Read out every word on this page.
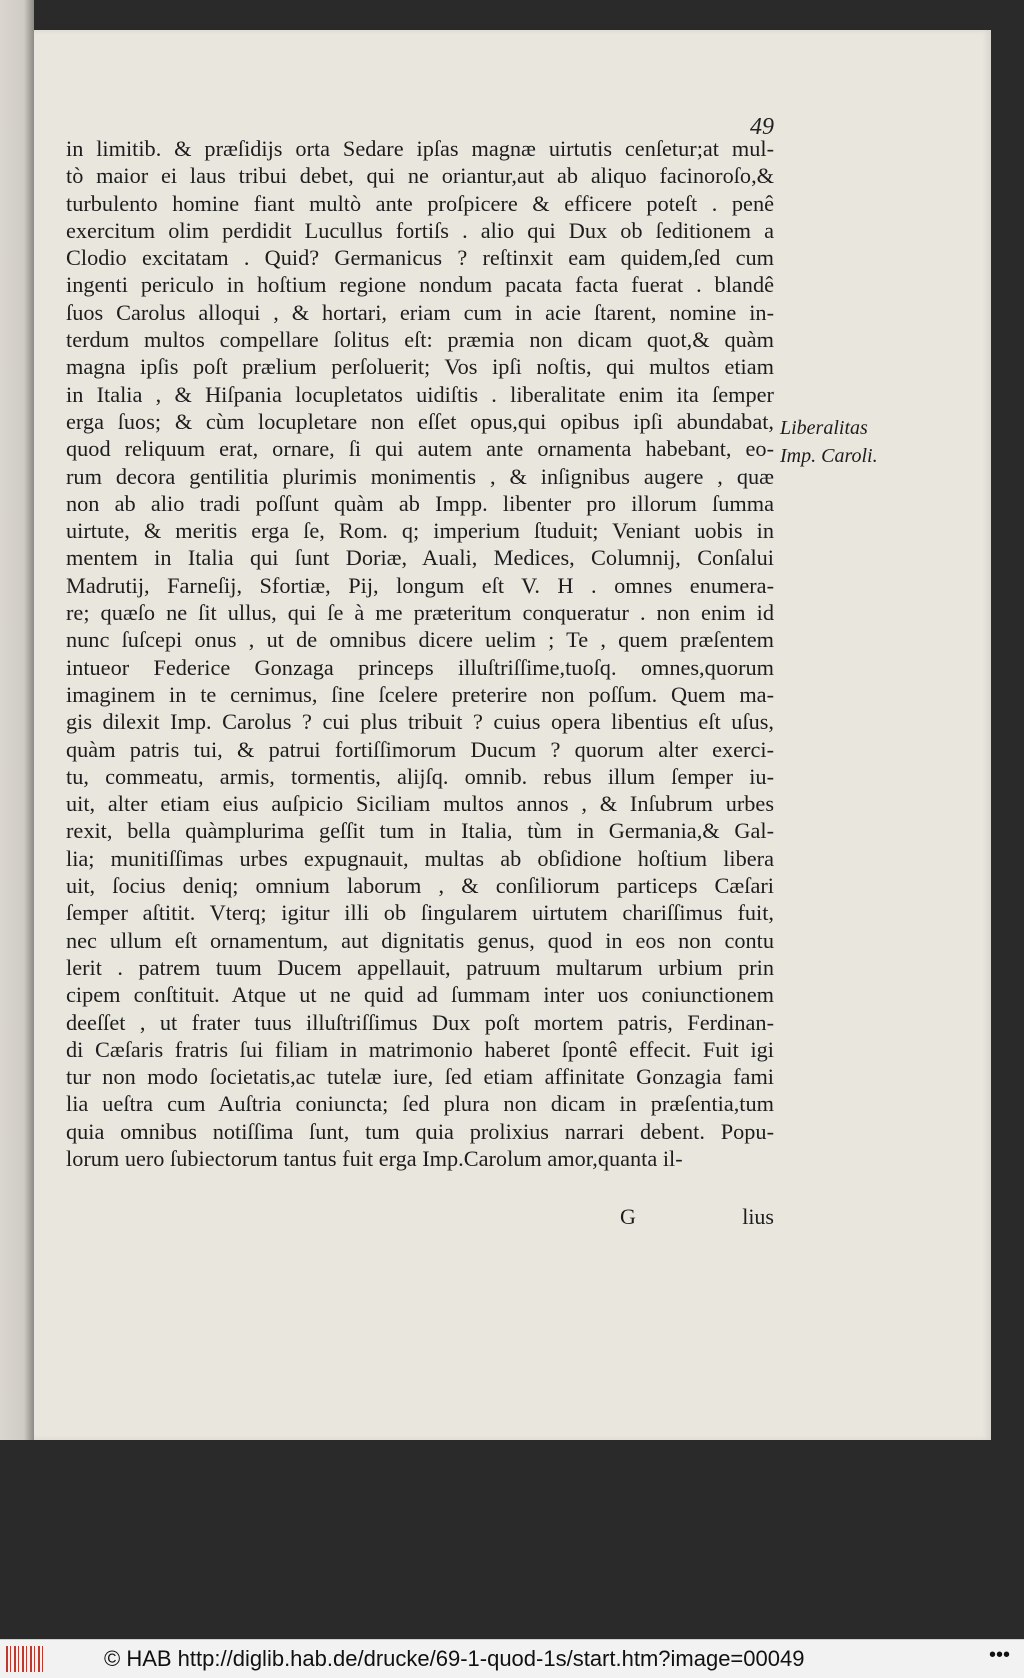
49
in limitib. & præſidijs orta Sedare ipſas magnæ uirtutis cenſetur;at mul-
tò maior ei laus tribui debet, qui ne oriantur,aut ab aliquo facinoroſo,&
turbulento homine fiant multò ante proſpicere & efficere poteſt . penê
exercitum olim perdidit Lucullus fortiſs . alio qui Dux ob ſeditionem a
Clodio excitatam . Quid? Germanicus ? reſtinxit eam quidem,ſed cum
ingenti periculo in hoſtium regione nondum pacata facta fuerat . blandê
ſuos Carolus alloqui , & hortari, eriam cum in acie ſtarent, nomine in-
terdum multos compellare ſolitus eſt: præmia non dicam quot,& quàm
magna ipſis poſt prælium perſoluerit; Vos ipſi noſtis, qui multos etiam
in Italia , & Hiſpania locupletatos uidiſtis . liberalitate enim ita ſemper
erga ſuos; & cùm locupletare non eſſet opus,qui opibus ipſi abundabat,
quod reliquum erat, ornare, ſi qui autem ante ornamenta habebant, eo-
rum decora gentilitia plurimis monimentis , & inſignibus augere , quæ
non ab alio tradi poſſunt quàm ab Impp. libenter pro illorum ſumma
uirtute, & meritis erga ſe, Rom. q; imperium ſtuduit; Veniant uobis in
mentem in Italia qui ſunt Doriæ, Auali, Medices, Columnij, Conſalui
Madrutij, Farneſij, Sfortiæ, Pij, longum eſt V. H . omnes enumera-
re; quæſo ne ſit ullus, qui ſe à me præteritum conqueratur . non enim id
nunc ſuſcepi onus , ut de omnibus dicere uelim ; Te , quem præſentem
intueor Federice Gonzaga princeps illuſtriſſime,tuoſq. omnes,quorum
imaginem in te cernimus, ſine ſcelere preterire non poſſum. Quem ma-
gis dilexit Imp. Carolus ? cui plus tribuit ? cuius opera libentius eſt uſus,
quàm patris tui, & patrui fortiſſimorum Ducum ? quorum alter exerci-
tu, commeatu, armis, tormentis, alijſq. omnib. rebus illum ſemper iu-
uit, alter etiam eius auſpicio Siciliam multos annos , & Inſubrum urbes
rexit, bella quàmplurima geſſit tum in Italia, tùm in Germania,& Gal-
lia; munitiſſimas urbes expugnauit, multas ab obſidione hoſtium libera
uit, ſocius deniq; omnium laborum , & conſiliorum particeps Cæſari
ſemper aſtitit. Vterq; igitur illi ob ſingularem uirtutem chariſſimus fuit,
nec ullum eſt ornamentum, aut dignitatis genus, quod in eos non contu
lerit . patrem tuum Ducem appellauit, patruum multarum urbium prin
cipem conſtituit. Atque ut ne quid ad ſummam inter uos coniunctionem
deeſſet , ut frater tuus illuſtriſſimus Dux poſt mortem patris, Ferdinan-
di Cæſaris fratris ſui filiam in matrimonio haberet ſpontê effecit. Fuit igi
tur non modo ſocietatis,ac tutelæ iure, ſed etiam affinitate Gonzagia fami
lia ueſtra cum Auſtria coniuncta; ſed plura non dicam in præſentia,tum
quia omnibus notiſſima ſunt, tum quia prolixius narrari debent. Popu-
lorum uero ſubiectorum tantus fuit erga Imp.Carolum amor,quanta il-
Liberalitas
Imp. Caroli.
G	lius
© HAB http://diglib.hab.de/drucke/69-1-quod-1s/start.htm?image=00049	•••
